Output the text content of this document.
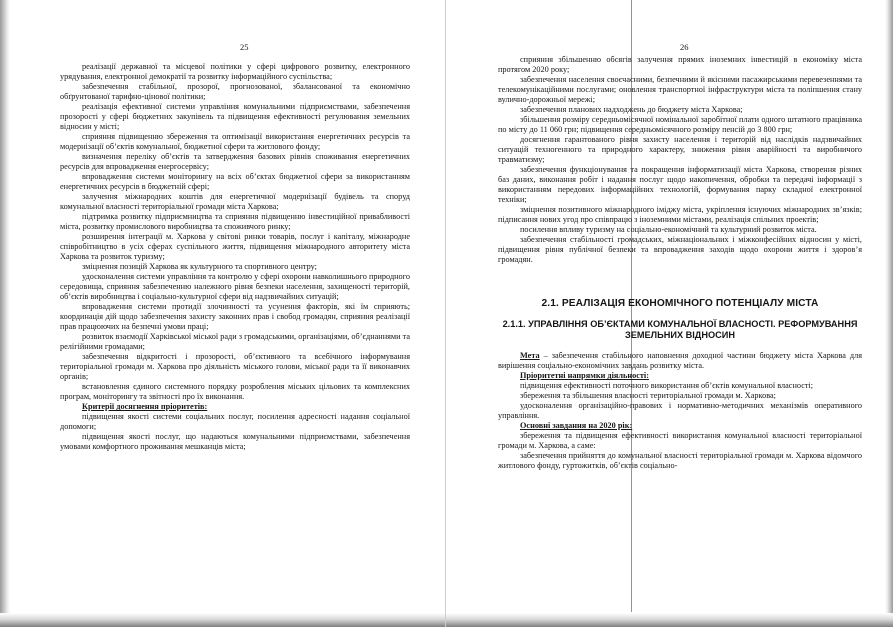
25

реалізації державної та місцевої політики у сфері цифрового розвитку, електронного урядування, електронної демократії та розвитку інформаційного суспільства;

забезпечення стабільної, прозорої, прогнозованої, збалансованої та економічно обґрунтованої тарифно-цінової політики;

реалізація ефективної системи управління комунальними підприємствами, забезпечення прозорості у сфері бюджетних закупівель та підвищення ефективності регулювання земельних відносин у місті;

сприяння підвищенню збереження та оптимізації використання енергетичних ресурсів та модернізації об’єктів комунальної, бюджетної сфери та житлового фонду;

визначення переліку об’єктів та затвердження базових рівнів споживання енергетичних ресурсів для впровадження енергосервісу;

впровадження системи моніторингу на всіх об’єктах бюджетної сфери за використанням енергетичних ресурсів в бюджетній сфері;

залучення міжнародних коштів для енергетичної модернізації будівель та споруд комунальної власності територіальної громади міста Харкова;

підтримка розвитку підприємництва та сприяння підвищенню інвестиційної привабливості міста, розвитку промислового виробництва та споживчого ринку;

розширення інтеграції м. Харкова у світові ринки товарів, послуг і капіталу, міжнародне співробітництво в усіх сферах суспільного життя, підвищення міжнародного авторитету міста Харкова та розвиток туризму;

зміцнення позицій Харкова як культурного та спортивного центру;

удосконалення системи управління та контролю у сфері охорони навколишнього природного середовища, сприяння забезпеченню належного рівня безпеки населення, захищеності територій, об’єктів виробництва і соціально-культурної сфери від надзвичайних ситуацій;

впровадження системи протидії злочинності та усунення факторів, які їм сприяють; координація дій щодо забезпечення захисту законних прав і свобод громадян, сприяння реалізації прав працюючих на безпечні умови праці;

розвиток взаємодії Харківської міської ради з громадськими, організаціями, об’єднаннями та релігійними громадами;

забезпечення відкритості і прозорості, об’єктивного та всебічного інформування територіальної громади м. Харкова про діяльність міського голови, міської ради та її виконавчих органів;

встановлення єдиного системного порядку розроблення міських цільових та комплексних програм, моніторингу та звітності про їх виконання.

Критерії досягнення пріоритетів:

підвищення якості системи соціальних послуг, посилення адресності надання соціальної допомоги;

підвищення якості послуг, що надаються комунальними підприємствами, забезпечення умовами комфортного проживання мешканців міста;

26

сприяння збільшенню обсягів залучення прямих іноземних інвестицій в економіку міста протягом 2020 року;

забезпечення населення своєчасними, безпечними й якісними пасажирськими перевезеннями та телекомунікаційними послугами; оновлення транспортної інфраструктури міста та поліпшення стану вулично-дорожньої мережі;

забезпечення планових надходжень до бюджету міста Харкова;

збільшення розміру середньомісячної номінальної заробітної плати одного штатного працівника по місту до 11 060 грн; підвищення середньомісячного розміру пенсій до 3 800 грн;

досягнення гарантованого рівня захисту населення і територій від наслідків надзвичайних ситуацій техногенного та природного характеру, зниження рівня аварійності та виробничого травматизму;

забезпечення функціонування та покращення інформатизації міста Харкова, створення різних баз даних, виконання робіт і надання послуг щодо накопичення, обробки та передачі інформації з використанням передових інформаційних технологій, формування парку складної електронної техніки;

зміцнення позитивного міжнародного іміджу міста, укріплення існуючих міжнародних зв’язків; підписання нових угод про співпрацю з іноземними містами, реалізація спільних проектів;

посилення впливу туризму на соціально-економічний та культурний розвиток міста.

забезпечення стабільності громадських, міжнаціональних і міжконфесійних відносин у місті, підвищення рівня публічної безпеки та впровадження заходів щодо охорони життя і здоров’я громадян.

2.1. РЕАЛІЗАЦІЯ ЕКОНОМІЧНОГО ПОТЕНЦІАЛУ МІСТА
2.1.1. УПРАВЛІННЯ ОБ’ЄКТАМИ КОМУНАЛЬНОЇ ВЛАСНОСТІ. РЕФОРМУВАННЯ ЗЕМЕЛЬНИХ ВІДНОСИН

Мета – забезпечення стабільного наповнення доходної частини бюджету міста Харкова для вирішення соціально-економічних завдань розвитку міста.

Пріоритетні напрямки діяльності:

підвищення ефективності поточного використання об’єктів комунальної власності;

збереження та збільшення власності територіальної громади м. Харкова;

удосконалення організаційно-правових і нормативно-методичних механізмів оперативного управління.

Основні завдання на 2020 рік:

збереження та підвищення ефективності використання комунальної власності територіальної громади м. Харкова, а саме:

забезпечення прийняття до комунальної власності територіальної громади м. Харкова відомчого житлового фонду, гуртожитків, об’єктів соціально-
